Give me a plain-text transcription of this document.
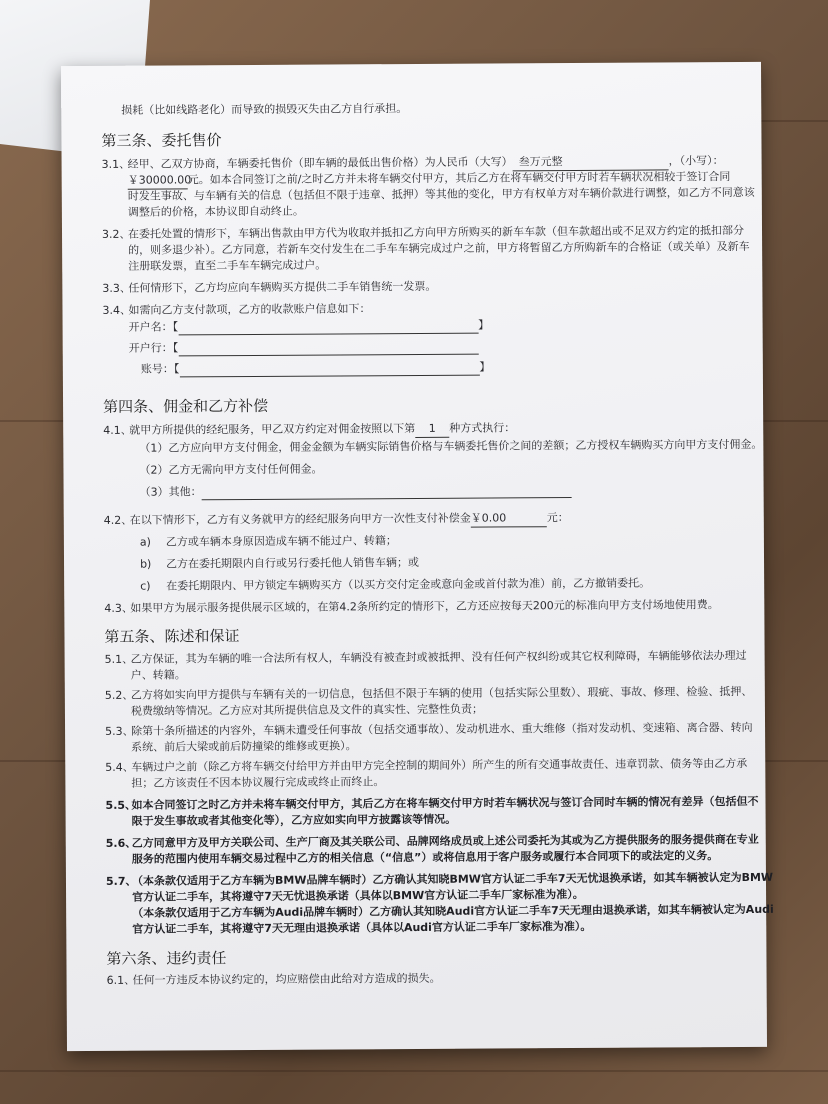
损耗（比如线路老化）而导致的损毁灭失由乙方自行承担。
第三条、委托售价
3.1、经甲、乙双方协商，车辆委托售价（即车辆的最低出售价格）为人民币（大写） 叁万元整	，（小写）：
￥30000.00元。如本合同签订之前/之时乙方并未将车辆交付甲方，其后乙方在将车辆交付甲方时若车辆状况相较于签订合同
时发生事故、与车辆有关的信息（包括但不限于违章、抵押）等其他的变化，甲方有权单方对车辆价款进行调整，如乙方不同意该
调整后的价格，本协议即自动终止。
3.2、在委托处置的情形下，车辆出售款由甲方代为收取并抵扣乙方向甲方所购买的新车车款（但车款超出或不足双方约定的抵扣部分
的，则多退少补）。乙方同意，若新车交付发生在二手车车辆完成过户之前，甲方将暂留乙方所购新车的合格证（或关单）及新车
注册联发票，直至二手车车辆完成过户。
3.3、任何情形下，乙方均应向车辆购买方提供二手车销售统一发票。
3.4、如需向乙方支付款项，乙方的收款账户信息如下：
开户名：【	】
开户行：【
账号：【	】
第四条、佣金和乙方补偿
4.1、就甲方所提供的经纪服务，甲乙双方约定对佣金按照以下第 1 种方式执行：
（1）乙方应向甲方支付佣金，佣金金额为车辆实际销售价格与车辆委托售价之间的差额；乙方授权车辆购买方向甲方支付佣金。
（2）乙方无需向甲方支付任何佣金。
（3）其他：
4.2、在以下情形下，乙方有义务就甲方的经纪服务向甲方一次性支付补偿金￥0.00	元：
a) 乙方或车辆本身原因造成车辆不能过户、转籍；
b) 乙方在委托期限内自行或另行委托他人销售车辆；或
c) 在委托期限内、甲方锁定车辆购买方（以买方交付定金或意向金或首付款为准）前，乙方撤销委托。
4.3、如果甲方为展示服务提供展示区域的，在第4.2条所约定的情形下，乙方还应按每天200元的标准向甲方支付场地使用费。
第五条、陈述和保证
5.1、乙方保证，其为车辆的唯一合法所有权人，车辆没有被查封或被抵押、没有任何产权纠纷或其它权利障碍，车辆能够依法办理过
户、转籍。
5.2、乙方将如实向甲方提供与车辆有关的一切信息，包括但不限于车辆的使用（包括实际公里数）、瑕疵、事故、修理、检验、抵押、
税费缴纳等情况。乙方应对其所提供信息及文件的真实性、完整性负责；
5.3、除第十条所描述的内容外，车辆未遭受任何事故（包括交通事故）、发动机进水、重大维修（指对发动机、变速箱、离合器、转向
系统、前后大梁或前后防撞梁的维修或更换）。
5.4、车辆过户之前（除乙方将车辆交付给甲方并由甲方完全控制的期间外）所产生的所有交通事故责任、违章罚款、债务等由乙方承
担；乙方该责任不因本协议履行完成或终止而终止。
5.5、如本合同签订之时乙方并未将车辆交付甲方，其后乙方在将车辆交付甲方时若车辆状况与签订合同时车辆的情况有差异（包括但不
限于发生事故或者其他变化等），乙方应如实向甲方披露该等情况。
5.6、乙方同意甲方及甲方关联公司、生产厂商及其关联公司、品牌网络成员或上述公司委托为其或为乙方提供服务的服务提供商在专业
服务的范围内使用车辆交易过程中乙方的相关信息（“信息”）或将信息用于客户服务或履行本合同项下的或法定的义务。
5.7、（本条款仅适用于乙方车辆为BMW品牌车辆时）乙方确认其知晓BMW官方认证二手车7天无忧退换承诺，如其车辆被认定为BMW
官方认证二手车，其将遵守7天无忧退换承诺（具体以BMW官方认证二手车厂家标准为准）。
（本条款仅适用于乙方车辆为Audi品牌车辆时）乙方确认其知晓Audi官方认证二手车7天无理由退换承诺，如其车辆被认定为Audi
官方认证二手车，其将遵守7天无理由退换承诺（具体以Audi官方认证二手车厂家标准为准）。
第六条、违约责任
6.1、任何一方违反本协议约定的，均应赔偿由此给对方造成的损失。
